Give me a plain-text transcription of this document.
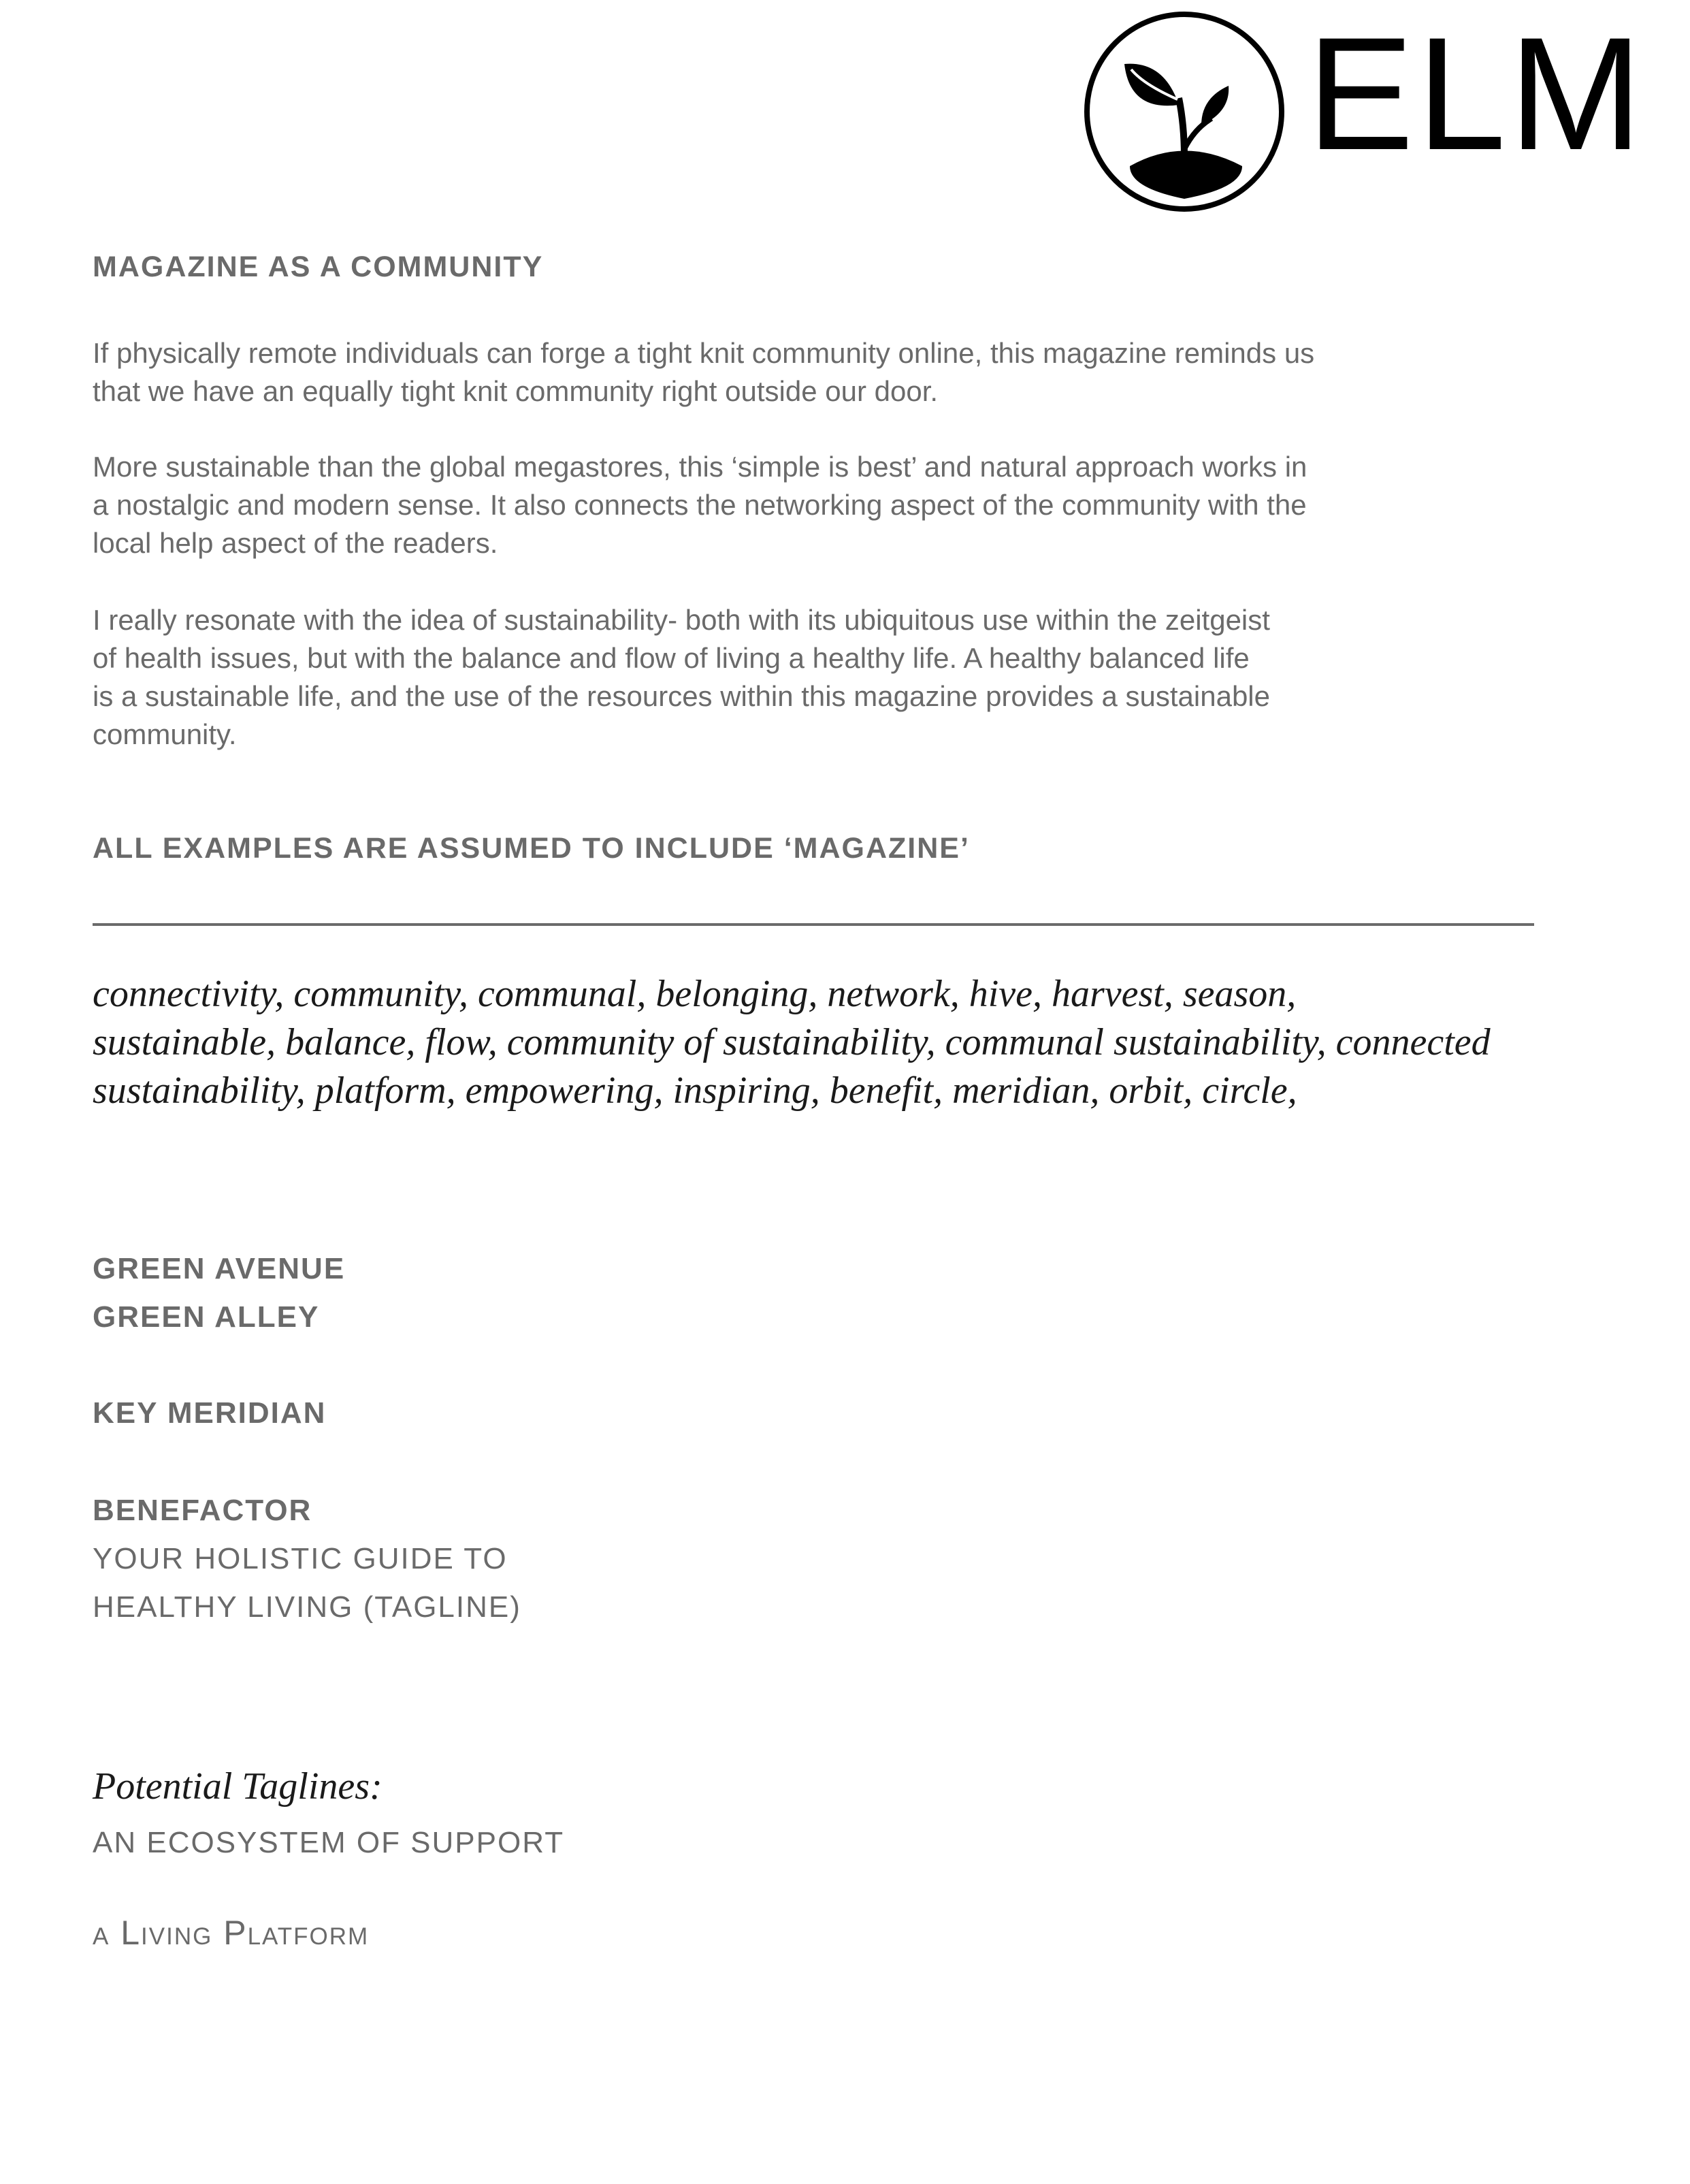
ELM
MAGAZINE AS A COMMUNITY

If physically remote individuals can forge a tight knit community online, this magazine reminds us
that we have an equally tight knit community right outside our door.

More sustainable than the global megastores, this ‘simple is best’ and natural approach works in
a nostalgic and modern sense. It also connects the networking aspect of the community with the
local help aspect of the readers.

I really resonate with the idea of sustainability- both with its ubiquitous use within the zeitgeist
of health issues, but with the balance and flow of living a healthy life. A healthy balanced life
is a sustainable life, and the use of the resources within this magazine provides a sustainable
community.

ALL EXAMPLES ARE ASSUMED TO INCLUDE ‘MAGAZINE’

connectivity, community, communal, belonging, network, hive, harvest, season,
sustainable, balance, flow, community of sustainability, communal sustainability, connected
sustainability, platform, empowering, inspiring, benefit, meridian, orbit, circle,

GREEN AVENUE

GREEN ALLEY

KEY MERIDIAN

BENEFACTOR

YOUR HOLISTIC GUIDE TO

HEALTHY LIVING (TAGLINE)

Potential Taglines:

AN ECOSYSTEM OF SUPPORT

a Living Platform
